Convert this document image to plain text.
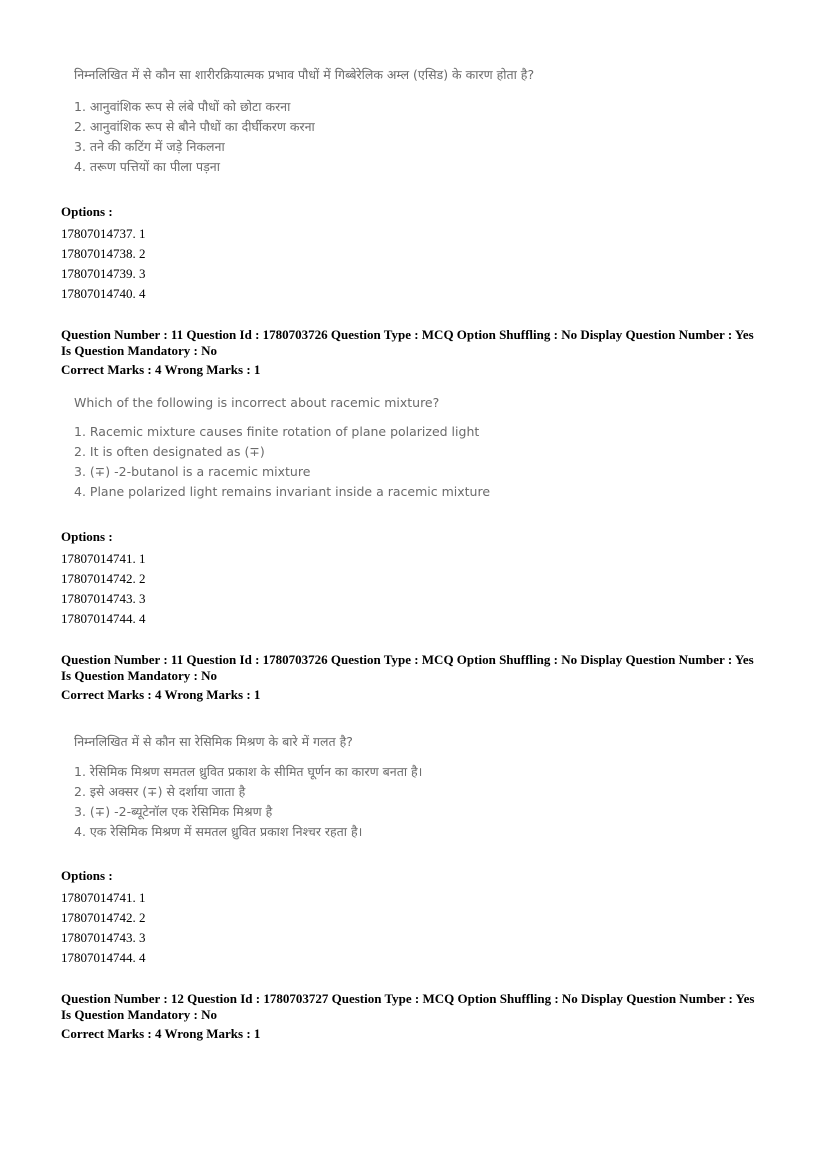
निम्नलिखित में से कौन सा शारीरक्रियात्मक प्रभाव पौधों में गिब्बेरेलिक अम्ल (एसिड) के कारण होता है?
1. आनुवांशिक रूप से लंबे पौधों को छोटा करना
2. आनुवांशिक रूप से बौने पौधों का दीर्घीकरण करना
3. तने की कटिंग में जड़े निकलना
4. तरूण पत्तियों का पीला पड़ना
Options :
17807014737. 1
17807014738. 2
17807014739. 3
17807014740. 4
Question Number : 11 Question Id : 1780703726 Question Type : MCQ Option Shuffling : No Display Question Number : Yes
Is Question Mandatory : No
Correct Marks : 4 Wrong Marks : 1
Which of the following is incorrect about racemic mixture?
1. Racemic mixture causes finite rotation of plane polarized light
2. It is often designated as (∓)
3. (∓) -2-butanol is a racemic mixture
4. Plane polarized light remains invariant inside a racemic mixture
Options :
17807014741. 1
17807014742. 2
17807014743. 3
17807014744. 4
Question Number : 11 Question Id : 1780703726 Question Type : MCQ Option Shuffling : No Display Question Number : Yes
Is Question Mandatory : No
Correct Marks : 4 Wrong Marks : 1
निम्नलिखित में से कौन सा रेसिमिक मिश्रण के बारे में गलत है?
1. रेसिमिक मिश्रण समतल ध्रुवित प्रकाश के सीमित घूर्णन का कारण बनता है।
2. इसे अक्सर (∓) से दर्शाया जाता है
3. (∓) -2-ब्यूटेनॉल एक रेसिमिक मिश्रण है
4. एक रेसिमिक मिश्रण में समतल ध्रुवित प्रकाश निश्चर रहता है।
Options :
17807014741. 1
17807014742. 2
17807014743. 3
17807014744. 4
Question Number : 12 Question Id : 1780703727 Question Type : MCQ Option Shuffling : No Display Question Number : Yes
Is Question Mandatory : No
Correct Marks : 4 Wrong Marks : 1
